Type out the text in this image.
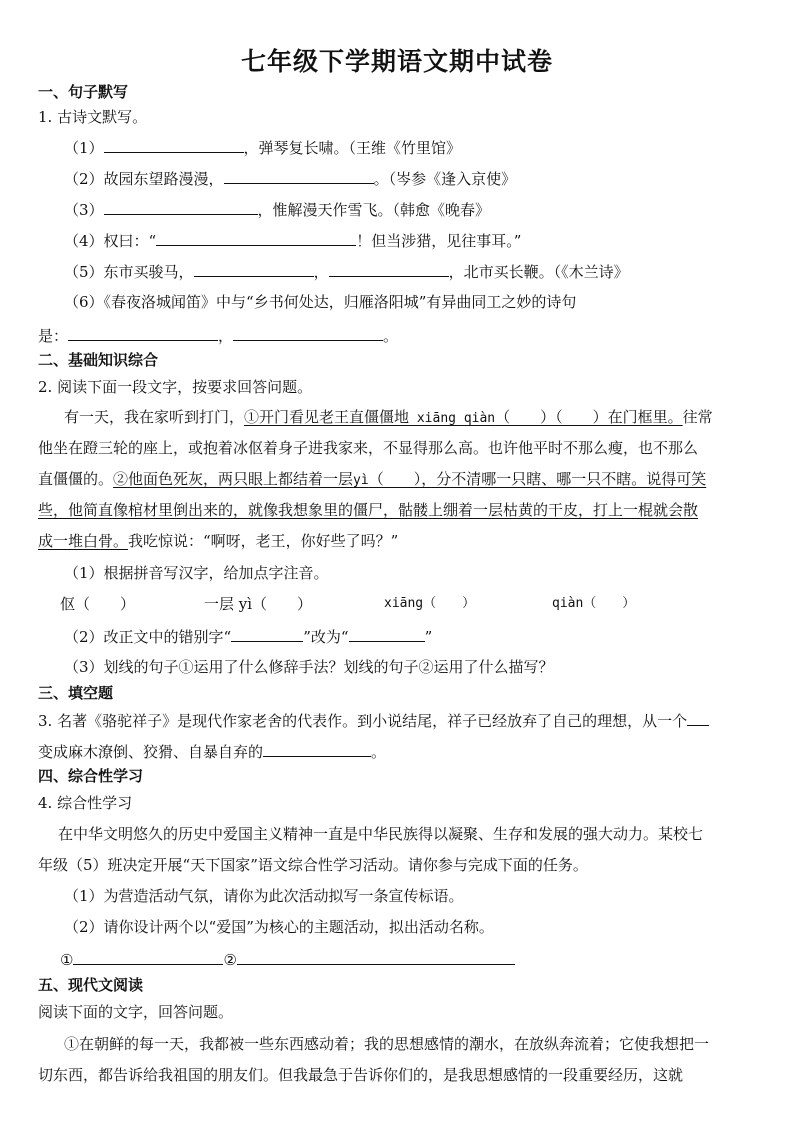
七年级下学期语文期中试卷
一、句子默写
1. 古诗文默写。
（1）	，弹琴复长啸。（王维《竹里馆》
（2）故园东望路漫漫，	。（岑参《逢入京使》
（3）	，惟解漫天作雪飞。（韩愈《晚春》
（4）权曰：“	！但当涉猎，见往事耳。”
（5）东市买骏马，	，	，北市买长鞭。（《木兰诗》
（6）《春夜洛城闻笛》中与“乡书何处达，归雁洛阳城”有异曲同工之妙的诗句
是：	，	。
二、基础知识综合
2. 阅读下面一段文字，按要求回答问题。
有一天，我在家听到打门，①开门看见老王直僵僵地 xiāng qiàn（　　）（　　）在门框里。往常
他坐在蹬三轮的座上，或抱着冰伛着身子进我家来，不显得那么高。也许他平时不那么瘦，也不那么
直僵僵的。②他面色死灰，两只眼上都结着一层yì（　　），分不清哪一只瞎、哪一只不瞎。说得可笑
些，他简直像棺材里倒出来的，就像我想象里的僵尸，骷髅上绷着一层枯黄的干皮，打上一棍就会散
成一堆白骨。我吃惊说：“啊呀，老王，你好些了吗？”
（1）根据拼音写汉字，给加点字注音。
伛（　　）	一层 yì（　　）	xiāng（　　）	qiàn（　　）
（2）改正文中的错别字“	”改为“	”
（3）划线的句子①运用了什么修辞手法？划线的句子②运用了什么描写？
三、填空题
3. 名著《骆驼祥子》是现代作家老舍的代表作。到小说结尾，祥子已经放弃了自己的理想，从一个
变成麻木潦倒、狡猾、自暴自弃的	。
四、综合性学习
4. 综合性学习
在中华文明悠久的历史中爱国主义精神一直是中华民族得以凝聚、生存和发展的强大动力。某校七
年级（5）班决定开展“天下国家”语文综合性学习活动。请你参与完成下面的任务。
（1）为营造活动气氛，请你为此次活动拟写一条宣传标语。
（2）请你设计两个以“爱国”为核心的主题活动，拟出活动名称。
①	②
五、现代文阅读
阅读下面的文字，回答问题。
①在朝鲜的每一天，我都被一些东西感动着；我的思想感情的潮水，在放纵奔流着；它使我想把一
切东西，都告诉给我祖国的朋友们。但我最急于告诉你们的，是我思想感情的一段重要经历，这就
